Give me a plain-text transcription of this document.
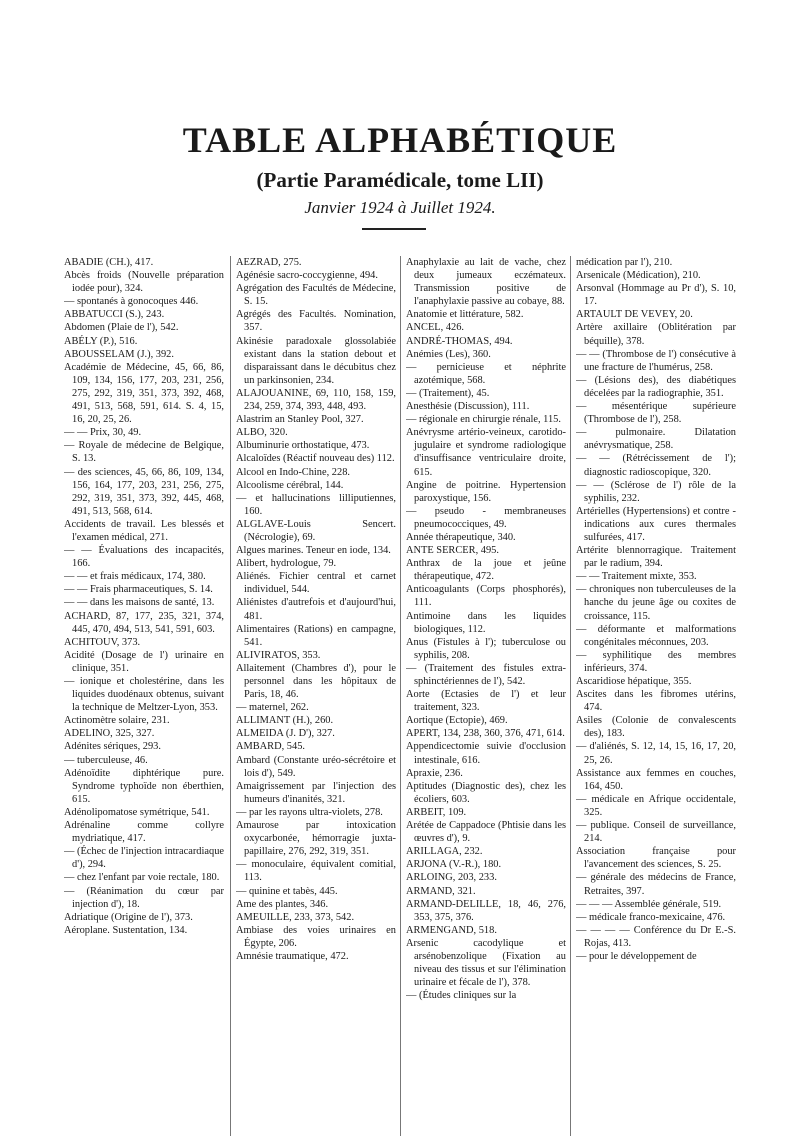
TABLE ALPHABÉTIQUE
(Partie Paramédicale, tome LII)
Janvier 1924 à Juillet 1924.

ABADIE (CH.), 417.

Abcès froids (Nouvelle préparation iodée pour), 324.

— spontanés à gonocoques 446.

ABBATUCCI (S.), 243.

Abdomen (Plaie de l'), 542.

ABÉLY (P.), 516.

ABOUSSELAM (J.), 392.

Académie de Médecine, 45, 66, 86, 109, 134, 156, 177, 203, 231, 256, 275, 292, 319, 351, 373, 392, 468, 491, 513, 568, 591, 614. S. 4, 15, 16, 20, 25, 26.

— — Prix, 30, 49.

— Royale de médecine de Belgique, S. 13.

— des sciences, 45, 66, 86, 109, 134, 156, 164, 177, 203, 231, 256, 275, 292, 319, 351, 373, 392, 445, 468, 491, 513, 568, 614.

Accidents de travail. Les blessés et l'examen médical, 271.

— — Évaluations des incapacités, 166.

— — et frais médicaux, 174, 380.

— — Frais pharmaceutiques, S. 14.

— — dans les maisons de santé, 13.

ACHARD, 87, 177, 235, 321, 374, 445, 470, 494, 513, 541, 591, 603.

ACHITOUV, 373.

Acidité (Dosage de l') urinaire en clinique, 351.

— ionique et cholestérine, dans les liquides duodénaux obtenus, suivant la technique de Meltzer-Lyon, 353.

Actinomètre solaire, 231.

ADELINO, 325, 327.

Adénites sériques, 293.

— tuberculeuse, 46.

Adénoïdite diphtérique pure. Syndrome typhoïde non éberthien, 615.

Adénolipomatose symétrique, 541.

Adrénaline comme collyre mydriatique, 417.

— (Échec de l'injection intracardiaque d'), 294.

— chez l'enfant par voie rectale, 180.

— (Réanimation du cœur par injection d'), 18.

Adriatique (Origine de l'), 373.

Aéroplane. Sustentation, 134.

AEZRAD, 275.

Agénésie sacro-coccygienne, 494.

Agrégation des Facultés de Médecine, S. 15.

Agrégés des Facultés. Nomination, 357.

Akinésie paradoxale glossolabiée existant dans la station debout et disparaissant dans le décubitus chez un parkinsonien, 234.

ALAJOUANINE, 69, 110, 158, 159, 234, 259, 374, 393, 448, 493.

Alastrim an Stanley Pool, 327.

ALBO, 320.

Albuminurie orthostatique, 473.

Alcaloïdes (Réactif nouveau des) 112.

Alcool en Indo-Chine, 228.

Alcoolisme cérébral, 144.

— et hallucinations lilliputiennes, 160.

ALGLAVE-Louis Sencert. (Nécrologie), 69.

Algues marines. Teneur en iode, 134.

Alibert, hydrologue, 79.

Aliénés. Fichier central et carnet individuel, 544.

Aliénistes d'autrefois et d'aujourd'hui, 481.

Alimentaires (Rations) en campagne, 541.

ALIVIRATOS, 353.

Allaitement (Chambres d'), pour le personnel dans les hôpitaux de Paris, 18, 46.

— maternel, 262.

ALLIMANT (H.), 260.

ALMEIDA (J. D'), 327.

AMBARD, 545.

Ambard (Constante uréo-sécrétoire et lois d'), 549.

Amaigrissement par l'injection des humeurs d'inanités, 321.

— par les rayons ultra-violets, 278.

Amaurose par intoxication oxycarbonée, hémorragie juxta-papillaire, 276, 292, 319, 351.

— monoculaire, équivalent comitial, 113.

— quinine et tabès, 445.

Ame des plantes, 346.

AMEUILLE, 233, 373, 542.

Ambiase des voies urinaires en Égypte, 206.

Amnésie traumatique, 472.

Anaphylaxie au lait de vache, chez deux jumeaux eczémateux. Transmission positive de l'anaphylaxie passive au cobaye, 88.

Anatomie et littérature, 582.

ANCEL, 426.

ANDRÉ-THOMAS, 494.

Anémies (Les), 360.

— pernicieuse et néphrite azotémique, 568.

— (Traitement), 45.

Anesthésie (Discussion), 111.

— régionale en chirurgie rénale, 115.

Anévrysme artério-veineux, carotido-jugulaire et syndrome radiologique d'insuffisance ventriculaire droite, 615.

Angine de poitrine. Hypertension paroxystique, 156.

— pseudo - membraneuses pneumococciques, 49.

Année thérapeutique, 340.

ANTE SERCER, 495.

Anthrax de la joue et jeûne thérapeutique, 472.

Anticoagulants (Corps phosphorés), 111.

Antimoine dans les liquides biologiques, 112.

Anus (Fistules à l'); tuberculose ou syphilis, 208.

— (Traitement des fistules extra-sphinctériennes de l'), 542.

Aorte (Ectasies de l') et leur traitement, 323.

Aortique (Ectopie), 469.

APERT, 134, 238, 360, 376, 471, 614.

Appendicectomie suivie d'occlusion intestinale, 616.

Apraxie, 236.

Aptitudes (Diagnostic des), chez les écoliers, 603.

ARBEIT, 109.

Arétée de Cappadoce (Phtisie dans les œuvres d'), 9.

ARILLAGA, 232.

ARJONA (V.-R.), 180.

ARLOING, 203, 233.

ARMAND, 321.

ARMAND-DELILLE, 18, 46, 276, 353, 375, 376.

ARMENGAND, 518.

Arsenic cacodylique et arsénobenzolique (Fixation au niveau des tissus et sur l'élimination urinaire et fécale de l'), 378.

— (Études cliniques sur la

médication par l'), 210.

Arsenicale (Médication), 210.

Arsonval (Hommage au Pr d'), S. 10, 17.

ARTAULT DE VEVEY, 20.

Artère axillaire (Oblitération par béquille), 378.

— — (Thrombose de l') consécutive à une fracture de l'humérus, 258.

— (Lésions des), des diabétiques décelées par la radiographie, 351.

— mésentérique supérieure (Thrombose de l'), 258.

— pulmonaire. Dilatation anévrysmatique, 258.

— — (Rétrécissement de l'); diagnostic radioscopique, 320.

— — (Sclérose de l') rôle de la syphilis, 232.

Artérielles (Hypertensions) et contre - indications aux cures thermales sulfurées, 417.

Artérite blennorragique. Traitement par le radium, 394.

— — Traitement mixte, 353.

— chroniques non tuberculeuses de la hanche du jeune âge ou coxites de croissance, 115.

— déformante et malformations congénitales méconnues, 203.

— syphilitique des membres inférieurs, 374.

Ascaridiose hépatique, 355.

Ascites dans les fibromes utérins, 474.

Asiles (Colonie de convalescents des), 183.

— d'aliénés, S. 12, 14, 15, 16, 17, 20, 25, 26.

Assistance aux femmes en couches, 164, 450.

— médicale en Afrique occidentale, 325.

— publique. Conseil de surveillance, 214.

Association française pour l'avancement des sciences, S. 25.

— générale des médecins de France, Retraites, 397.

— — — Assemblée générale, 519.

— médicale franco-mexicaine, 476.

— — — — Conférence du Dr E.-S. Rojas, 413.

— pour le développement de
